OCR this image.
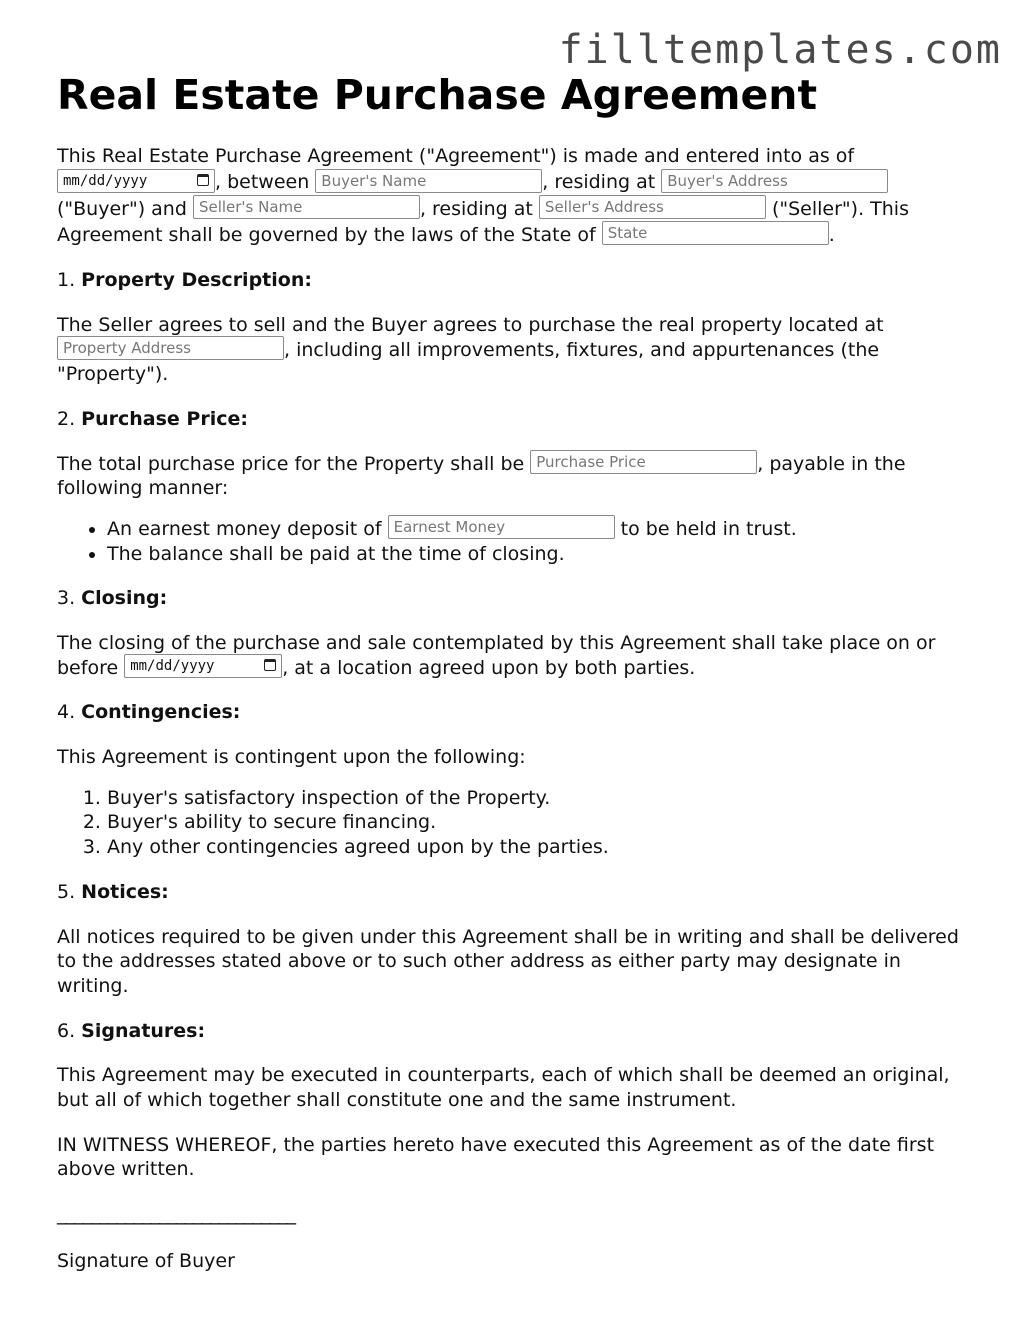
filltemplates.com
Real Estate Purchase Agreement

This Real Estate Purchase Agreement ("Agreement") is made and entered into as of mm/dd/yyyy	, between Buyer's Name	, residing at Buyer's Address ("Buyer") and Seller's Name	, residing at Seller's Address	("Seller"). This Agreement shall be governed by the laws of the State of State	.

1. Property Description:

The Seller agrees to sell and the Buyer agrees to purchase the real property located at Property Address	, including all improvements, fixtures, and appurtenances (the "Property").

2. Purchase Price:

The total purchase price for the Property shall be Purchase Price	, payable in the following manner:

• An earnest money deposit of Earnest Money	to be held in trust.
• The balance shall be paid at the time of closing.
3. Closing:

The closing of the purchase and sale contemplated by this Agreement shall take place on or before mm/dd/yyyy	, at a location agreed upon by both parties.

4. Contingencies:

This Agreement is contingent upon the following:

1. Buyer's satisfactory inspection of the Property.
2. Buyer's ability to secure financing.
3. Any other contingencies agreed upon by the parties.
5. Notices:

All notices required to be given under this Agreement shall be in writing and shall be delivered to the addresses stated above or to such other address as either party may designate in writing.

6. Signatures:

This Agreement may be executed in counterparts, each of which shall be deemed an original, but all of which together shall constitute one and the same instrument.

IN WITNESS WHEREOF, the parties hereto have executed this Agreement as of the date first above written.

____________________________
Signature of Buyer
